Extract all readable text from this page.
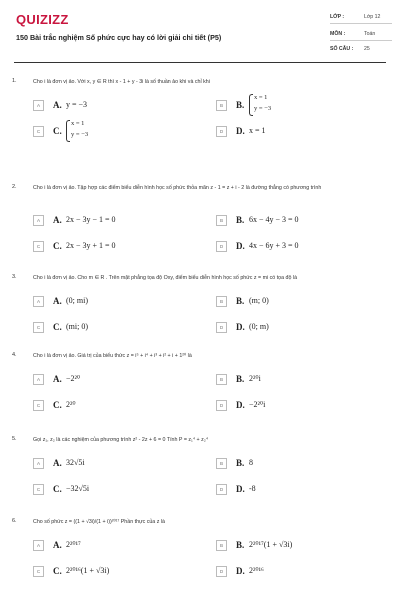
QUIZIZZ
150 Bài trắc nghiệm Số phức cực hay có lời giải chi tiết (P5)
LỚP :	Lớp 12
MÔN :	Toán
SỐ CÂU : 25
1.	Cho i là đơn vị ảo. Với x, y ∈ R thì x - 1 + y - 3i là số thuần ảo khi và chỉ khi
A	A. y = −3	B	B.
x = 1
y = −3
C	C.
x = 1
y = −3	D	D. x = 1
2.	Cho i là đơn vị ảo. Tập hợp các điểm biểu diễn hình học số phức thỏa mãn z - 1 = z + i - 2 là đường thẳng có phương trình
A	A. 2x − 3y − 1 = 0	B	B. 6x − 4y − 3 = 0
C	C. 2x − 3y + 1 = 0	D	D. 4x − 6y + 3 = 0
3.	Cho i là đơn vị ảo. Cho m ∈ R . Trên mặt phẳng tọa độ Oxy, điểm biểu diễn hình học số phức z = mi có tọa độ là
A	A. (0; mi)	B	B. (m; 0)
C	C. (mi; 0)	D	D. (0; m)
4.	Cho i là đơn vị ảo. Giá trị của biểu thức z = i⁵ + i⁴ + i³ + i² + i + 1²⁰ là
A	A. −2²⁰	B	B. 2²⁰i
C	C. 2²⁰	D	D. −2²⁰i
5.	Gọi z₁, z₂ là các nghiệm của phương trình z² - 2z + 6 = 0 Tính P = z₁⁴ + z₂⁴
A	A. 32√5i	B	B. 8
C	C. −32√5i	D	D. -8
6.	Cho số phức z = ((1 + √3i)/(1 + i))²⁰¹⁷ Phần thực của z là
A	A. 2²⁰¹⁷	B	B. 2²⁰¹⁷(1 + √3i)
C	C. 2²⁰¹⁶(1 + √3i)	D	D. 2²⁰¹⁶
